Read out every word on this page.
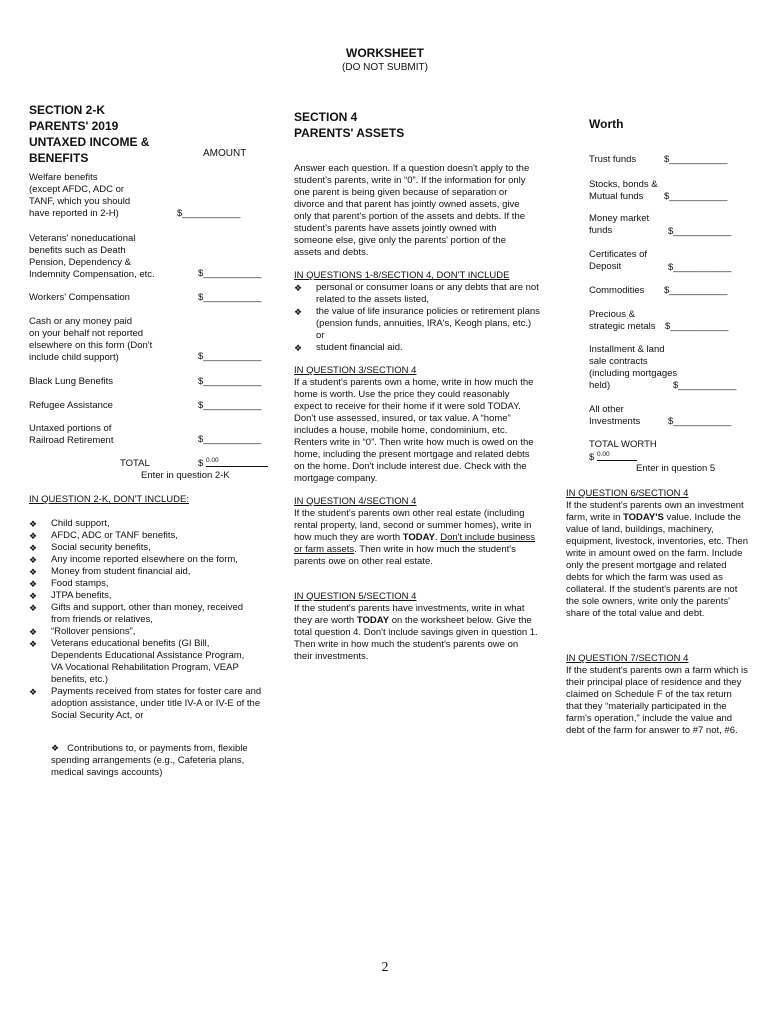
WORKSHEET
(DO NOT SUBMIT)
SECTION 2-K
PARENTS' 2019
UNTAXED INCOME &
BENEFITS	AMOUNT
Welfare benefits
(except AFDC, ADC or
TANF, which you should
have reported in 2-H)	$___________
Veterans' noneducational
benefits such as Death
Pension, Dependency &
Indemnity Compensation, etc.	$___________
Workers' Compensation	$___________
Cash or any money paid
on your behalf not reported
elsewhere on this form (Don't
include child support)	$___________
Black Lung Benefits	$___________
Refugee Assistance	$___________
Untaxed portions of
Railroad Retirement	$___________
TOTAL	$ $^{0.00}$
Enter in question 2-K
IN QUESTION 2-K, DON'T INCLUDE:
❖ Child support,
❖ AFDC, ADC or TANF benefits,
❖ Social security benefits,
❖ Any income reported elsewhere on the form,
❖ Money from student financial aid,
❖ Food stamps,
❖ JTPA benefits,
❖ Gifts and support, other than money, received from friends or relatives,
❖ “Rollover pensions”,
❖ Veterans educational benefits (GI Bill, Dependents Educational Assistance Program, VA Vocational Rehabilitation Program, VEAP benefits, etc.)
❖ Payments received from states for foster care and adoption assistance, under title IV-A or IV-E of the Social Security Act, or
❖ Contributions to, or payments from, flexible spending arrangements (e.g., Cafeteria plans, medical savings accounts)
SECTION 4
PARENTS' ASSETS
Answer each question. If a question doesn't apply to the student's parents, write in “0”. If the information for only one parent is being given because of separation or divorce and that parent has jointly owned assets, give only that parent's portion of the assets and debts. If the student's parents have assets jointly owned with someone else, give only the parents' portion of the assets and debts.
IN QUESTIONS 1-8/SECTION 4, DON'T INCLUDE
❖ personal or consumer loans or any debts that are not related to the assets listed,
❖ the value of life insurance policies or retirement plans (pension funds, annuities, IRA's, Keogh plans, etc.) or
❖ student financial aid.
IN QUESTION 3/SECTION 4
If a student's parents own a home, write in how much the home is worth. Use the price they could reasonably expect to receive for their home if it were sold TODAY. Don't use assessed, insured, or tax value. A “home” includes a house, mobile home, condominium, etc. Renters write in “0”. Then write how much is owed on the home, including the present mortgage and related debts on the home. Don't include interest due. Check with the mortgage company.
IN QUESTION 4/SECTION 4
If the student's parents own other real estate (including rental property, land, second or summer homes), write in how much they are worth TODAY. Don't include business or farm assets. Then write in how much the student's parents owe on other real estate.
IN QUESTION 5/SECTION 4
If the student's parents have investments, write in what they are worth TODAY on the worksheet below. Give the total question 4. Don't include savings given in question 1. Then write in how much the student's parents owe on their investments.
Worth
Trust funds	$___________
Stocks, bonds &
Mutual funds	$___________
Money market
funds	$___________
Certificates of
Deposit	$___________
Commodities $___________
Precious &
strategic metals $___________
Installment & land
sale contracts
(including mortgages
held)	$___________
All other
Investments	$___________
TOTAL WORTH
$ $^{0.00}$
Enter in question 5
IN QUESTION 6/SECTION 4
If the student's parents own an investment farm, write in TODAY'S value. Include the value of land, buildings, machinery, equipment, livestock, inventories, etc. Then write in amount owed on the farm. Include only the present mortgage and related debts for which the farm was used as collateral. If the student's parents are not the sole owners, write only the parents' share of the total value and debt.
IN QUESTION 7/SECTION 4
If the student's parents own a farm which is their principal place of residence and they claimed on Schedule F of the tax return that they “materially participated in the farm's operation,” include the value and debt of the farm for answer to #7 not, #6.
2
